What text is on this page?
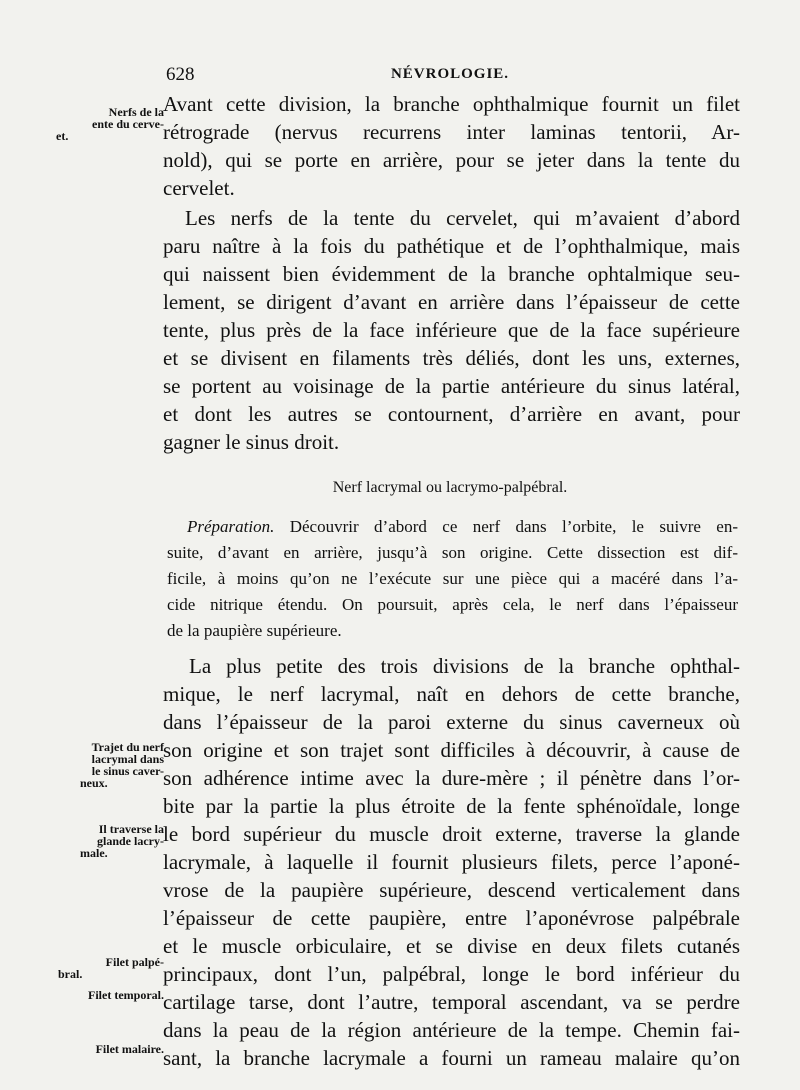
628	NÉVROLOGIE.

Nerfs de la
ente du cerve-
et.
Trajet du nerf
lacrymal dans
le sinus caver-
neux.
Il traverse la
glande lacry-
male.
Filet palpé-
bral.
Filet temporal.
Filet malaire.
Avant cette division, la branche ophthalmique fournit un filet
rétrograde (nervus recurrens inter laminas tentorii, Ar-
nold), qui se porte en arrière, pour se jeter dans la tente du
cervelet.
Les nerfs de la tente du cervelet, qui m’avaient d’abord
paru naître à la fois du pathétique et de l’ophthalmique, mais
qui naissent bien évidemment de la branche ophtalmique seu-
lement, se dirigent d’avant en arrière dans l’épaisseur de cette
tente, plus près de la face inférieure que de la face supérieure
et se divisent en filaments très déliés, dont les uns, externes,
se portent au voisinage de la partie antérieure du sinus latéral,
et dont les autres se contournent, d’arrière en avant, pour
gagner le sinus droit.
Nerf lacrymal ou lacrymo-palpébral.
Préparation. Découvrir d’abord ce nerf dans l’orbite, le suivre en-
suite, d’avant en arrière, jusqu’à son origine. Cette dissection est dif-
ficile, à moins qu’on ne l’exécute sur une pièce qui a macéré dans l’a-
cide nitrique étendu. On poursuit, après cela, le nerf dans l’épaisseur
de la paupière supérieure.
La plus petite des trois divisions de la branche ophthal-
mique, le nerf lacrymal, naît en dehors de cette branche,
dans l’épaisseur de la paroi externe du sinus caverneux où
son origine et son trajet sont difficiles à découvrir, à cause de
son adhérence intime avec la dure-mère ; il pénètre dans l’or-
bite par la partie la plus étroite de la fente sphénoïdale, longe
le bord supérieur du muscle droit externe, traverse la glande
lacrymale, à laquelle il fournit plusieurs filets, perce l’aponé-
vrose de la paupière supérieure, descend verticalement dans
l’épaisseur de cette paupière, entre l’aponévrose palpébrale
et le muscle orbiculaire, et se divise en deux filets cutanés
principaux, dont l’un, palpébral, longe le bord inférieur du
cartilage tarse, dont l’autre, temporal ascendant, va se perdre
dans la peau de la région antérieure de la tempe. Chemin fai-
sant, la branche lacrymale a fourni un rameau malaire qu’on
